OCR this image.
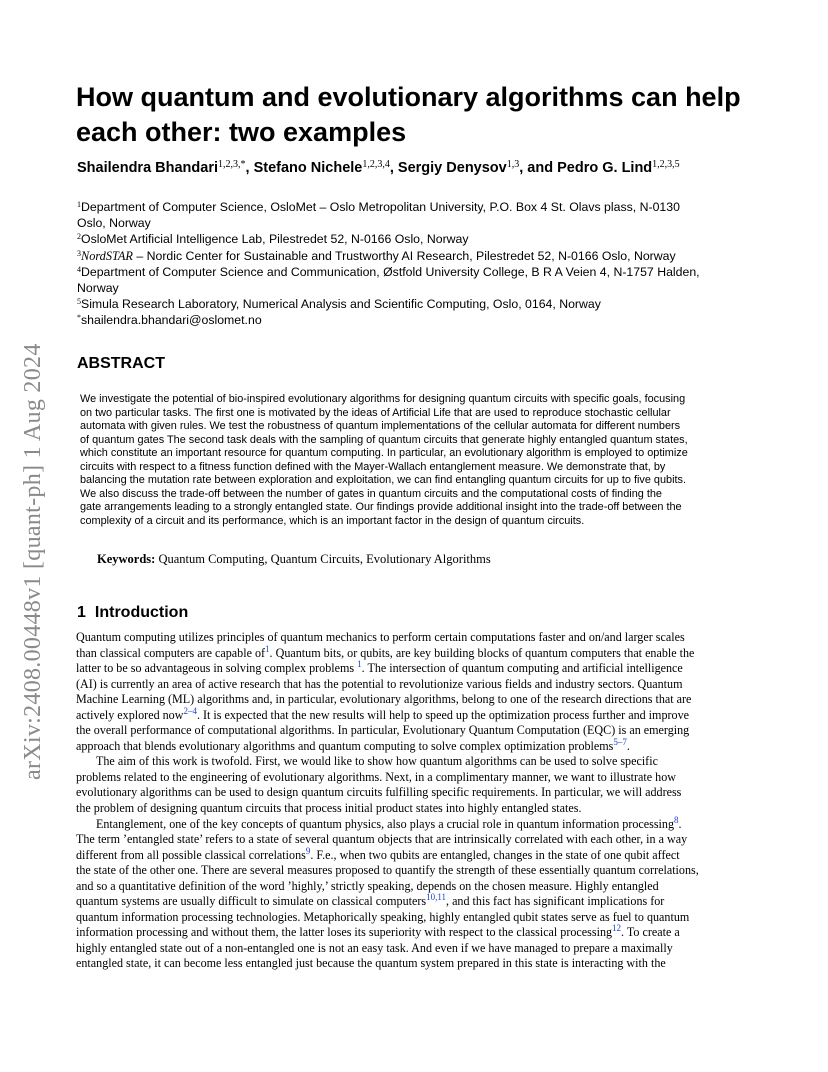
arXiv:2408.00448v1 [quant-ph] 1 Aug 2024
How quantum and evolutionary algorithms can help
each other: two examples
Shailendra Bhandari$^{1,2,3,*}$, Stefano Nichele$^{1,2,3,4}$, Sergiy Denysov$^{1,3}$, and Pedro G. Lind$^{1,2,3,5}$
$^1$Department of Computer Science, OsloMet – Oslo Metropolitan University, P.O. Box 4 St. Olavs plass, N-0130
Oslo, Norway
$^2$OsloMet Artificial Intelligence Lab, Pilestredet 52, N-0166 Oslo, Norway
$^3$NordSTAR – Nordic Center for Sustainable and Trustworthy AI Research, Pilestredet 52, N-0166 Oslo, Norway
$^4$Department of Computer Science and Communication, Østfold University College, B R A Veien 4, N-1757 Halden,
Norway
$^5$Simula Research Laboratory, Numerical Analysis and Scientific Computing, Oslo, 0164, Norway
*shailendra.bhandari@oslomet.no
ABSTRACT
We investigate the potential of bio-inspired evolutionary algorithms for designing quantum circuits with specific goals, focusing
on two particular tasks. The first one is motivated by the ideas of Artificial Life that are used to reproduce stochastic cellular
automata with given rules. We test the robustness of quantum implementations of the cellular automata for different numbers
of quantum gates The second task deals with the sampling of quantum circuits that generate highly entangled quantum states,
which constitute an important resource for quantum computing. In particular, an evolutionary algorithm is employed to optimize
circuits with respect to a fitness function defined with the Mayer-Wallach entanglement measure. We demonstrate that, by
balancing the mutation rate between exploration and exploitation, we can find entangling quantum circuits for up to five qubits.
We also discuss the trade-off between the number of gates in quantum circuits and the computational costs of finding the
gate arrangements leading to a strongly entangled state. Our findings provide additional insight into the trade-off between the
complexity of a circuit and its performance, which is an important factor in the design of quantum circuits.
Keywords: Quantum Computing, Quantum Circuits, Evolutionary Algorithms
1 Introduction
Quantum computing utilizes principles of quantum mechanics to perform certain computations faster and on/and larger scales
than classical computers are capable of$^1$. Quantum bits, or qubits, are key building blocks of quantum computers that enable the
latter to be so advantageous in solving complex problems $^1$. The intersection of quantum computing and artificial intelligence
(AI) is currently an area of active research that has the potential to revolutionize various fields and industry sectors. Quantum
Machine Learning (ML) algorithms and, in particular, evolutionary algorithms, belong to one of the research directions that are
actively explored now$^{2-4}$. It is expected that the new results will help to speed up the optimization process further and improve
the overall performance of computational algorithms. In particular, Evolutionary Quantum Computation (EQC) is an emerging
approach that blends evolutionary algorithms and quantum computing to solve complex optimization problems$^{5-7}$.
The aim of this work is twofold. First, we would like to show how quantum algorithms can be used to solve specific
problems related to the engineering of evolutionary algorithms. Next, in a complimentary manner, we want to illustrate how
evolutionary algorithms can be used to design quantum circuits fulfilling specific requirements. In particular, we will address
the problem of designing quantum circuits that process initial product states into highly entangled states.
Entanglement, one of the key concepts of quantum physics, also plays a crucial role in quantum information processing$^8$.
The term ’entangled state’ refers to a state of several quantum objects that are intrinsically correlated with each other, in a way
different from all possible classical correlations$^9$. F.e., when two qubits are entangled, changes in the state of one qubit affect
the state of the other one. There are several measures proposed to quantify the strength of these essentially quantum correlations,
and so a quantitative definition of the word ’highly,’ strictly speaking, depends on the chosen measure. Highly entangled
quantum systems are usually difficult to simulate on classical computers$^{10,11}$, and this fact has significant implications for
quantum information processing technologies. Metaphorically speaking, highly entangled qubit states serve as fuel to quantum
information processing and without them, the latter loses its superiority with respect to the classical processing$^{12}$. To create a
highly entangled state out of a non-entangled one is not an easy task. And even if we have managed to prepare a maximally
entangled state, it can become less entangled just because the quantum system prepared in this state is interacting with the
